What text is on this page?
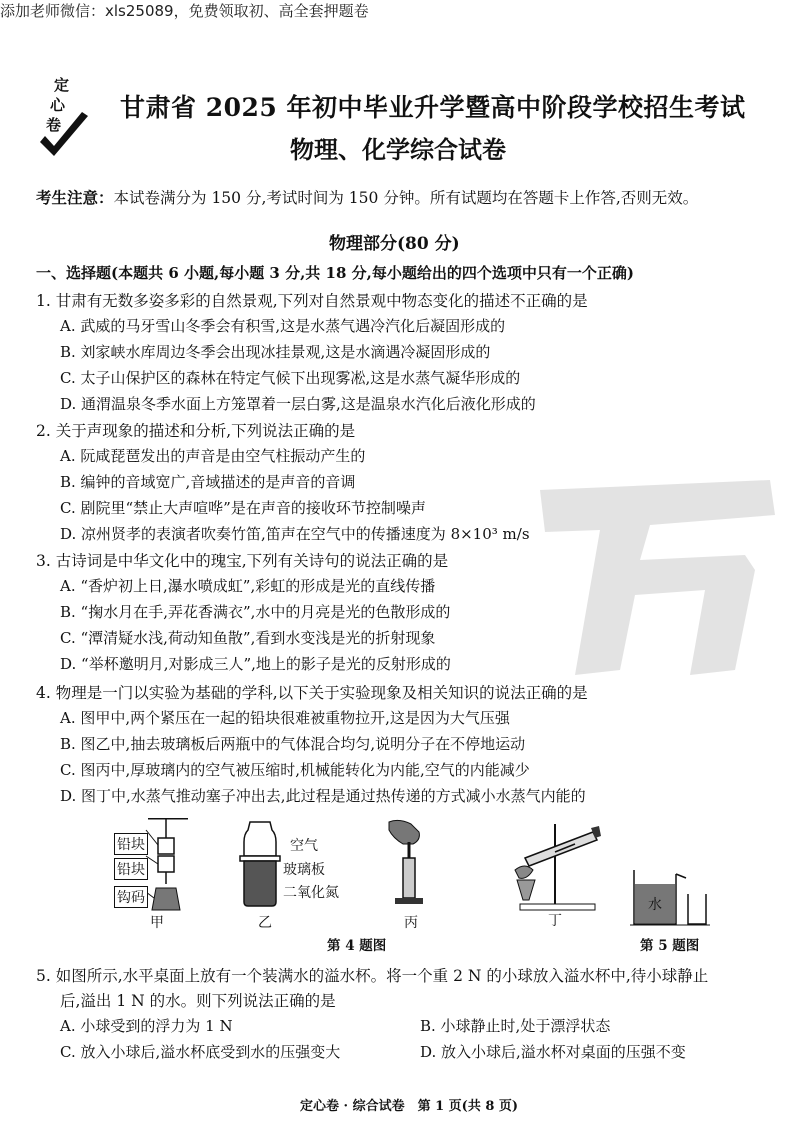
添加老师微信：xls25089，免费领取初、高全套押题卷
定
心
卷
甘肃省 2025 年初中毕业升学暨高中阶段学校招生考试
物理、化学综合试卷
考生注意：本试卷满分为 150 分,考试时间为 150 分钟。所有试题均在答题卡上作答,否则无效。
物理部分(80 分)
一、选择题(本题共 6 小题,每小题 3 分,共 18 分,每小题给出的四个选项中只有一个正确)
1. 甘肃有无数多姿多彩的自然景观,下列对自然景观中物态变化的描述不正确的是
A. 武威的马牙雪山冬季会有积雪,这是水蒸气遇冷汽化后凝固形成的
B. 刘家峡水库周边冬季会出现冰挂景观,这是水滴遇冷凝固形成的
C. 太子山保护区的森林在特定气候下出现雾凇,这是水蒸气凝华形成的
D. 通渭温泉冬季水面上方笼罩着一层白雾,这是温泉水汽化后液化形成的
2. 关于声现象的描述和分析,下列说法正确的是
A. 阮咸琵琶发出的声音是由空气柱振动产生的
B. 编钟的音域宽广,音域描述的是声音的音调
C. 剧院里“禁止大声喧哗”是在声音的接收环节控制噪声
D. 凉州贤孝的表演者吹奏竹笛,笛声在空气中的传播速度为 8×10³ m/s
3. 古诗词是中华文化中的瑰宝,下列有关诗句的说法正确的是
A. “香炉初上日,瀑水喷成虹”,彩虹的形成是光的直线传播
B. “掬水月在手,弄花香满衣”,水中的月亮是光的色散形成的
C. “潭清疑水浅,荷动知鱼散”,看到水变浅是光的折射现象
D. “举杯邀明月,对影成三人”,地上的影子是光的反射形成的
4. 物理是一门以实验为基础的学科,以下关于实验现象及相关知识的说法正确的是
A. 图甲中,两个紧压在一起的铅块很难被重物拉开,这是因为大气压强
B. 图乙中,抽去玻璃板后两瓶中的气体混合均匀,说明分子在不停地运动
C. 图丙中,厚玻璃内的空气被压缩时,机械能转化为内能,空气的内能减少
D. 图丁中,水蒸气推动塞子冲出去,此过程是通过热传递的方式减小水蒸气内能的
铅块
铅块
钩码
甲
空气
玻璃板
二氧化氮
乙	丙	丁
水
第 4 题图	第 5 题图
5. 如图所示,水平桌面上放有一个装满水的溢水杯。将一个重 2 N 的小球放入溢水杯中,待小球静止
后,溢出 1 N 的水。则下列说法正确的是
A. 小球受到的浮力为 1 N	B. 小球静止时,处于漂浮状态
C. 放入小球后,溢水杯底受到水的压强变大	D. 放入小球后,溢水杯对桌面的压强不变
定心卷 · 综合试卷　第 1 页(共 8 页)
